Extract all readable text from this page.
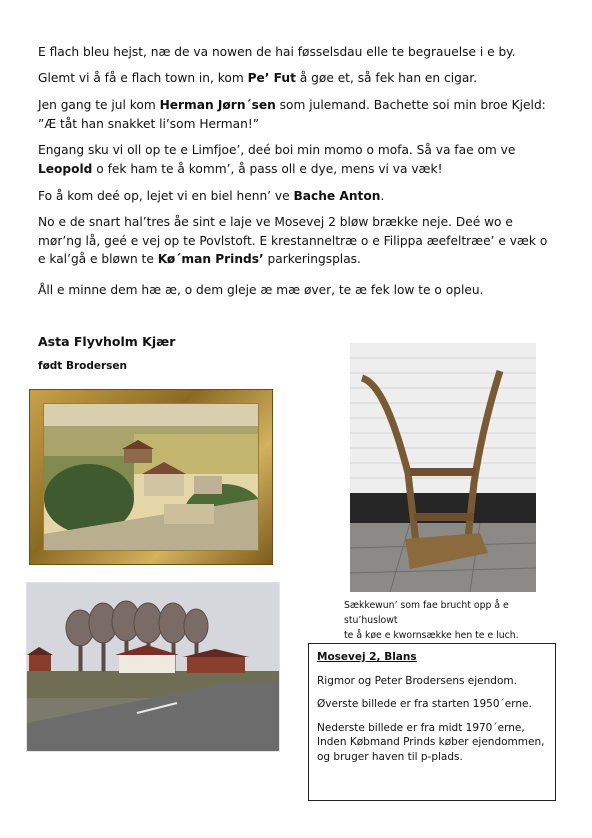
E flach bleu hejst, næ de va nowen de hai føsselsdau elle te begrauelse i e by.
Glemt vi å få e flach town in, kom Pe’ Fut å gøe et, så fek han en cigar.
Jen gang te jul kom Herman Jørn´sen som julemand. Bachette soi min broe Kjeld: ”Æ tåt han snakket li’som Herman!”
Engang sku vi oll op te e Limfjoe’, deé boi min momo o mofa. Så va fae om ve Leopold o fek ham te å komm’, å pass oll e dye, mens vi va væk!
Fo å kom deé op, lejet vi en biel henn’ ve Bache Anton.
No e de snart hal’tres åe sint e laje ve Mosevej 2 bløw brække neje. Deé wo e mør’ng lå, geé e vej op te Povlstoft. E krestanneltræ o e Filippa æefeltræe’ e væk o e kal’gå e bløwn te Kø´man Prinds’ parkeringsplas.
Åll e minne dem hæ æ, o dem gleje æ mæ øver, te æ fek low te o opleu.
Asta Flyvholm Kjær
født Brodersen
Sækkewun’ som fae brucht opp å e stu’huslowt
te å køe e kwornsække hen te e luch.

Mosevej 2, Blans

Rigmor og Peter Brodersens ejendom.

Øverste billede er fra starten 1950´erne.

Nederste billede er fra midt 1970´erne, Inden Købmand Prinds køber ejendommen, og bruger haven til p-plads.
